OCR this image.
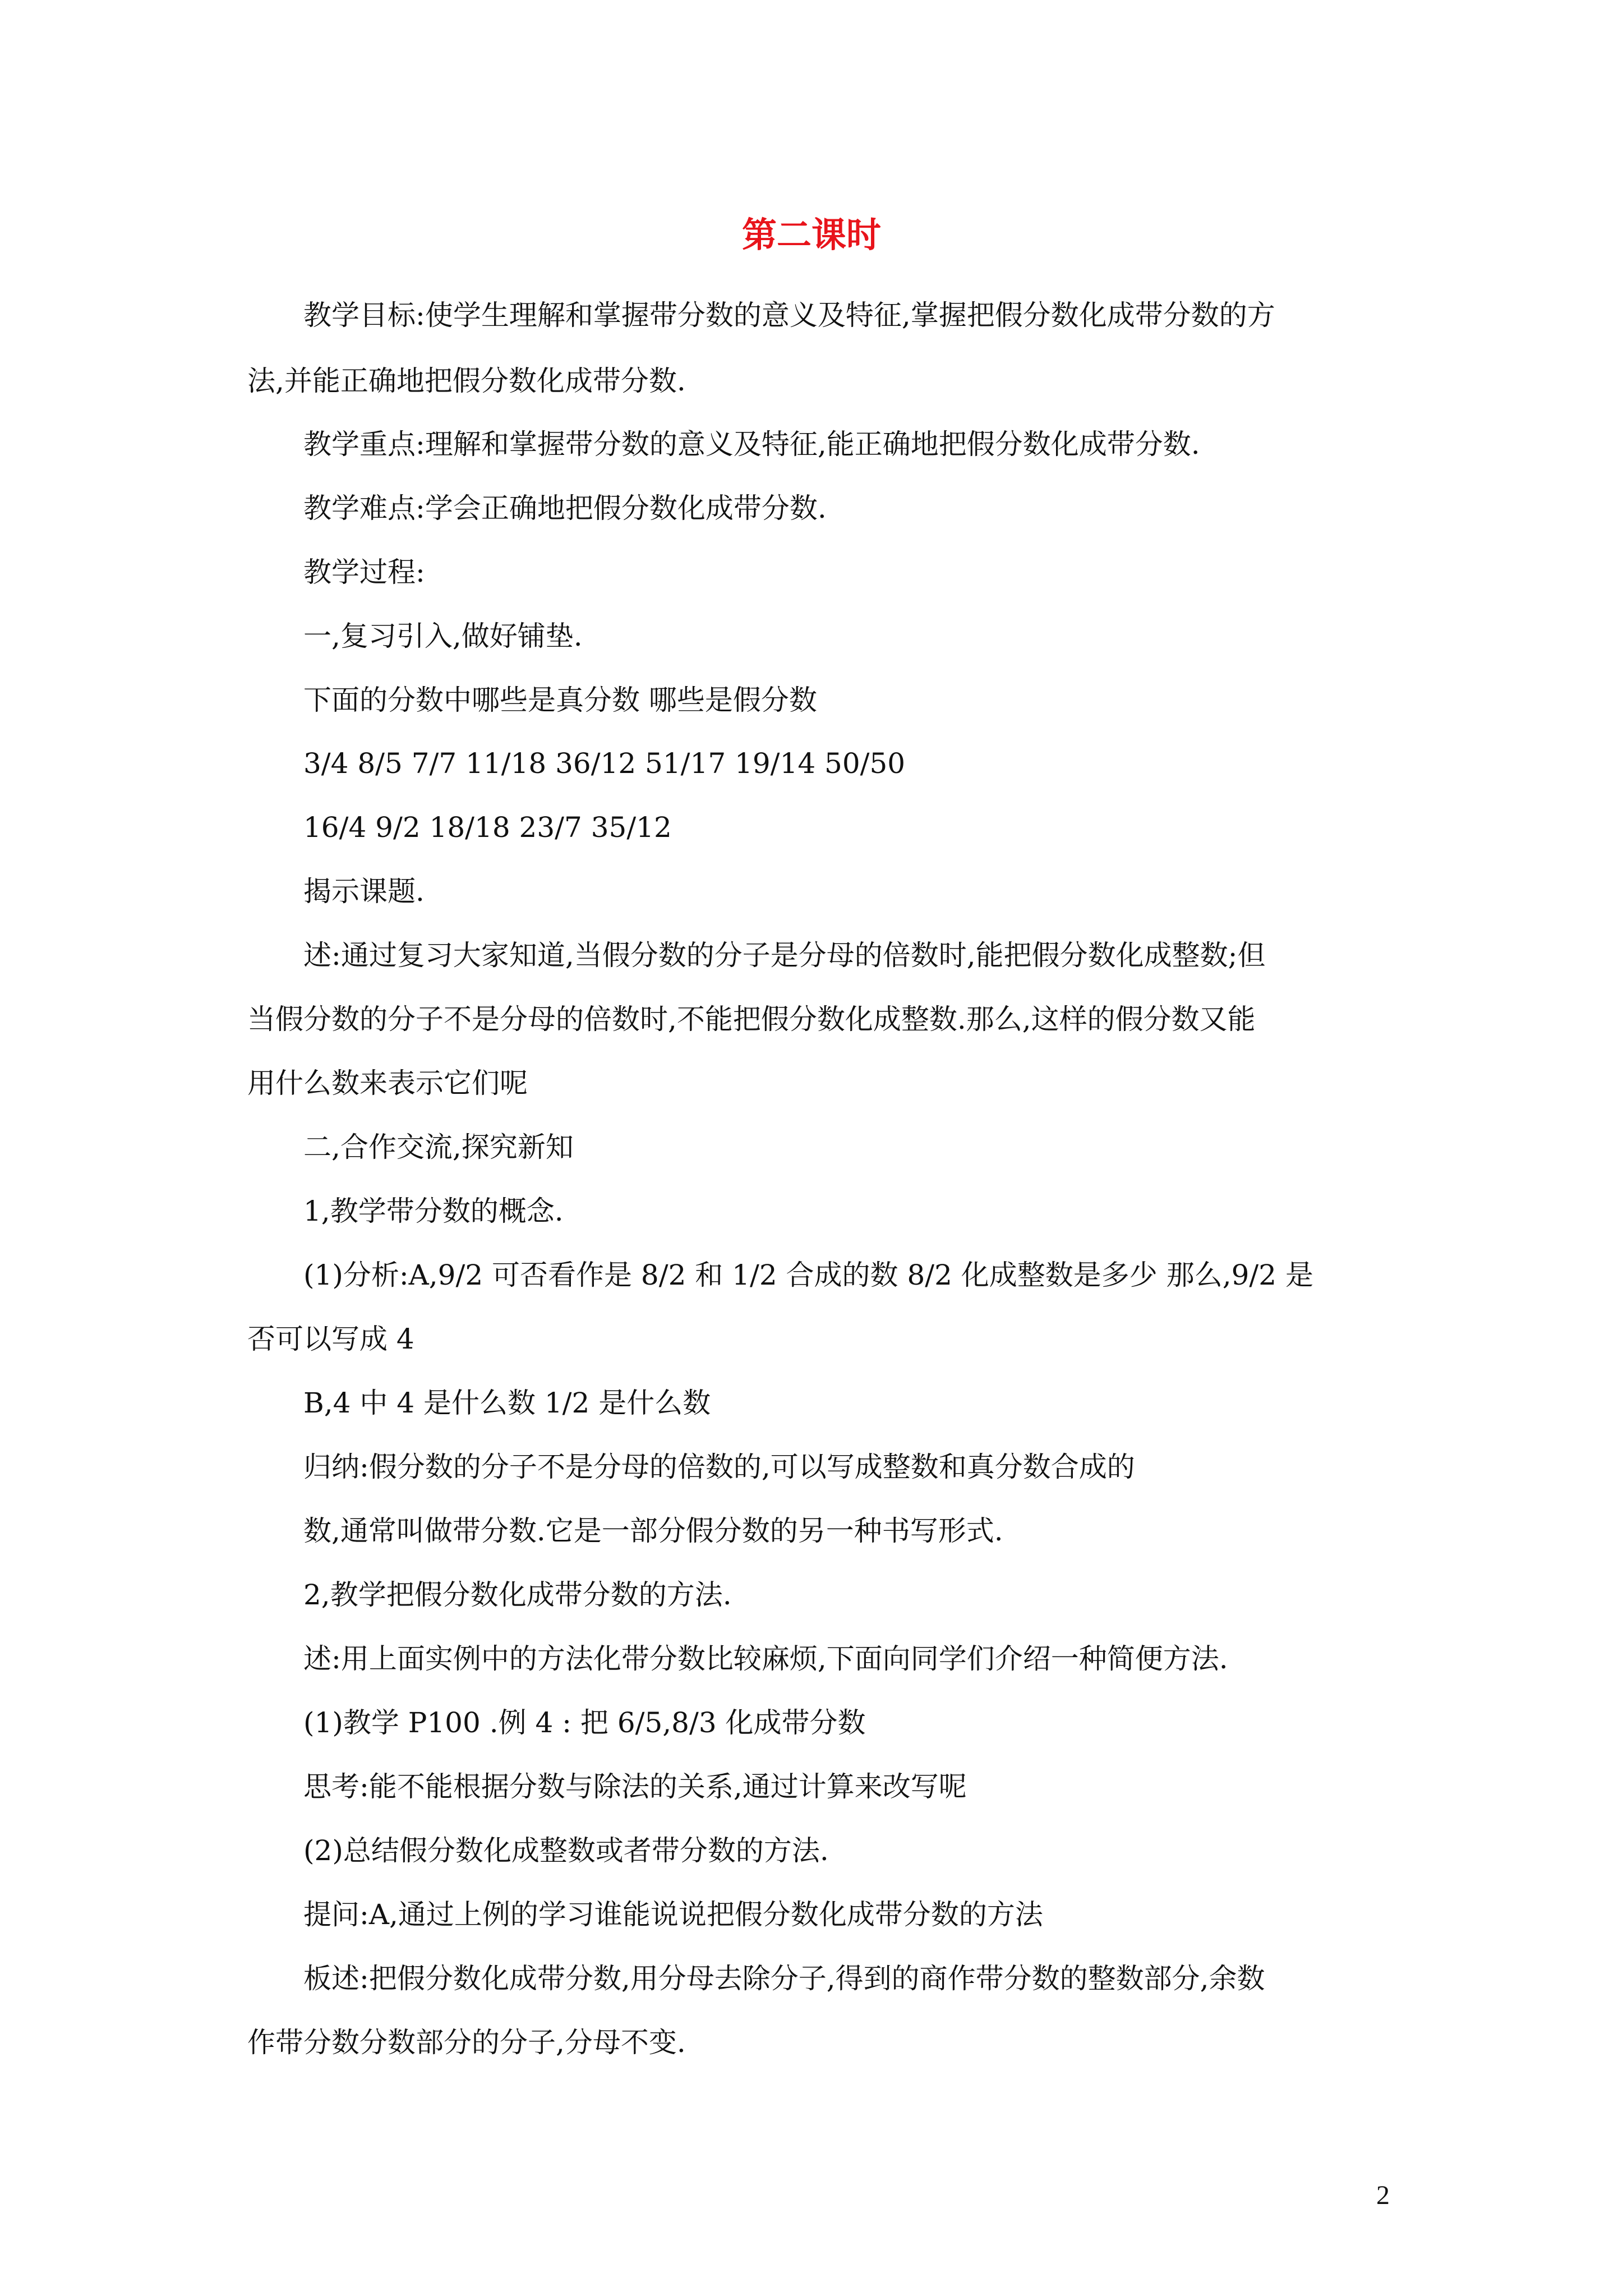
第二课时

教学目标:使学生理解和掌握带分数的意义及特征,掌握把假分数化成带分数的方

法,并能正确地把假分数化成带分数.

教学重点:理解和掌握带分数的意义及特征,能正确地把假分数化成带分数.

教学难点:学会正确地把假分数化成带分数.

教学过程:

一,复习引入,做好铺垫.

下面的分数中哪些是真分数 哪些是假分数

3/4 8/5 7/7 11/18 36/12 51/17 19/14 50/50

16/4 9/2 18/18 23/7 35/12

揭示课题.

述:通过复习大家知道,当假分数的分子是分母的倍数时,能把假分数化成整数;但

当假分数的分子不是分母的倍数时,不能把假分数化成整数.那么,这样的假分数又能

用什么数来表示它们呢

二,合作交流,探究新知

1,教学带分数的概念.

(1)分析:A,9/2 可否看作是 8/2 和 1/2 合成的数 8/2 化成整数是多少 那么,9/2 是

否可以写成 4

B,4 中 4 是什么数 1/2 是什么数

归纳:假分数的分子不是分母的倍数的,可以写成整数和真分数合成的

数,通常叫做带分数.它是一部分假分数的另一种书写形式.

2,教学把假分数化成带分数的方法.

述:用上面实例中的方法化带分数比较麻烦,下面向同学们介绍一种简便方法.

(1)教学 P100 .例 4 : 把 6/5,8/3 化成带分数

思考:能不能根据分数与除法的关系,通过计算来改写呢

(2)总结假分数化成整数或者带分数的方法.

提问:A,通过上例的学习谁能说说把假分数化成带分数的方法

板述:把假分数化成带分数,用分母去除分子,得到的商作带分数的整数部分,余数

作带分数分数部分的分子,分母不变.

2
